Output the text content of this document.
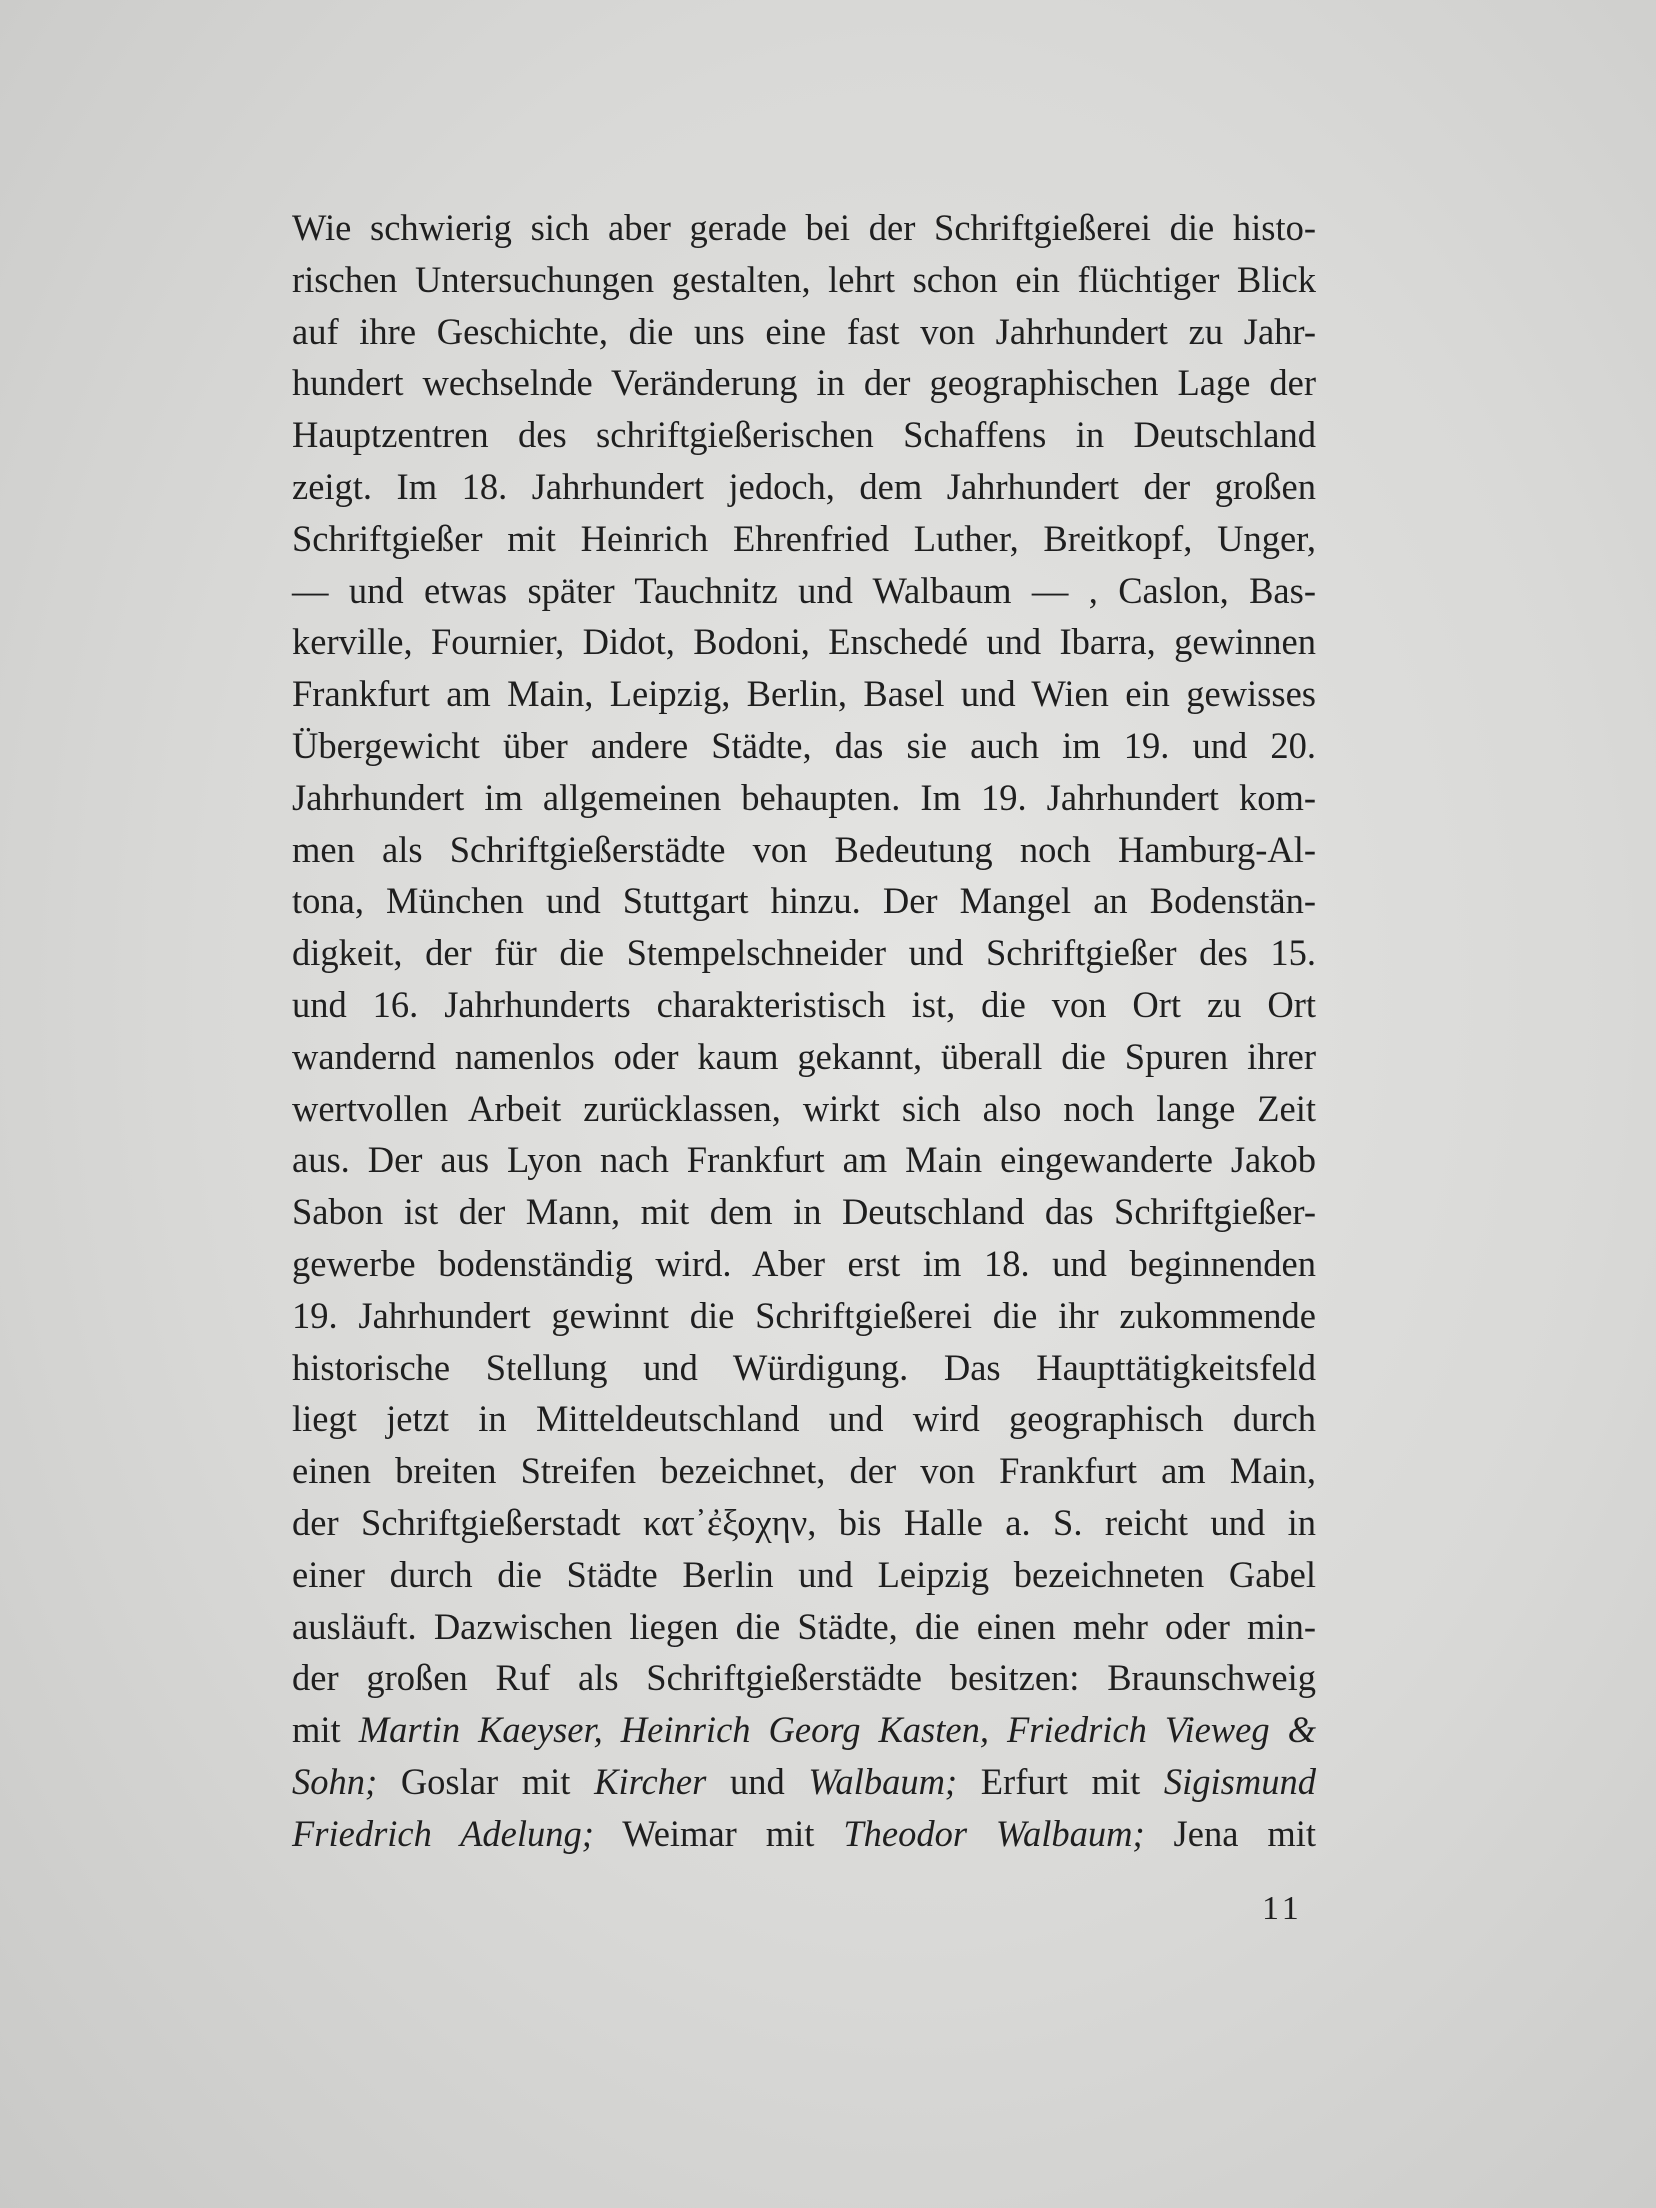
Wie schwierig sich aber gerade bei der Schriftgießerei die histo-
rischen Untersuchungen gestalten, lehrt schon ein flüchtiger Blick
auf ihre Geschichte, die uns eine fast von Jahrhundert zu Jahr-
hundert wechselnde Veränderung in der geographischen Lage der
Hauptzentren des schriftgießerischen Schaffens in Deutschland
zeigt. Im 18. Jahrhundert jedoch, dem Jahrhundert der großen
Schriftgießer mit Heinrich Ehrenfried Luther, Breitkopf, Unger,
— und etwas später Tauchnitz und Walbaum — , Caslon, Bas-
kerville, Fournier, Didot, Bodoni, Enschedé und Ibarra, gewinnen
Frankfurt am Main, Leipzig, Berlin, Basel und Wien ein gewisses
Übergewicht über andere Städte, das sie auch im 19. und 20.
Jahrhundert im allgemeinen behaupten. Im 19. Jahrhundert kom-
men als Schriftgießerstädte von Bedeutung noch Hamburg-Al-
tona, München und Stuttgart hinzu. Der Mangel an Bodenstän-
digkeit, der für die Stempelschneider und Schriftgießer des 15.
und 16. Jahrhunderts charakteristisch ist, die von Ort zu Ort
wandernd namenlos oder kaum gekannt, überall die Spuren ihrer
wertvollen Arbeit zurücklassen, wirkt sich also noch lange Zeit
aus. Der aus Lyon nach Frankfurt am Main eingewanderte Jakob
Sabon ist der Mann, mit dem in Deutschland das Schriftgießer-
gewerbe bodenständig wird. Aber erst im 18. und beginnenden
19. Jahrhundert gewinnt die Schriftgießerei die ihr zukommende
historische Stellung und Würdigung. Das Haupttätigkeitsfeld
liegt jetzt in Mitteldeutschland und wird geographisch durch
einen breiten Streifen bezeichnet, der von Frankfurt am Main,
der Schriftgießerstadt κατ᾿ἐξοχην, bis Halle a. S. reicht und in
einer durch die Städte Berlin und Leipzig bezeichneten Gabel
ausläuft. Dazwischen liegen die Städte, die einen mehr oder min-
der großen Ruf als Schriftgießerstädte besitzen: Braunschweig
mit Martin Kaeyser, Heinrich Georg Kasten, Friedrich Vieweg &
Sohn; Goslar mit Kircher und Walbaum; Erfurt mit Sigismund
Friedrich Adelung; Weimar mit Theodor Walbaum; Jena mit
11
